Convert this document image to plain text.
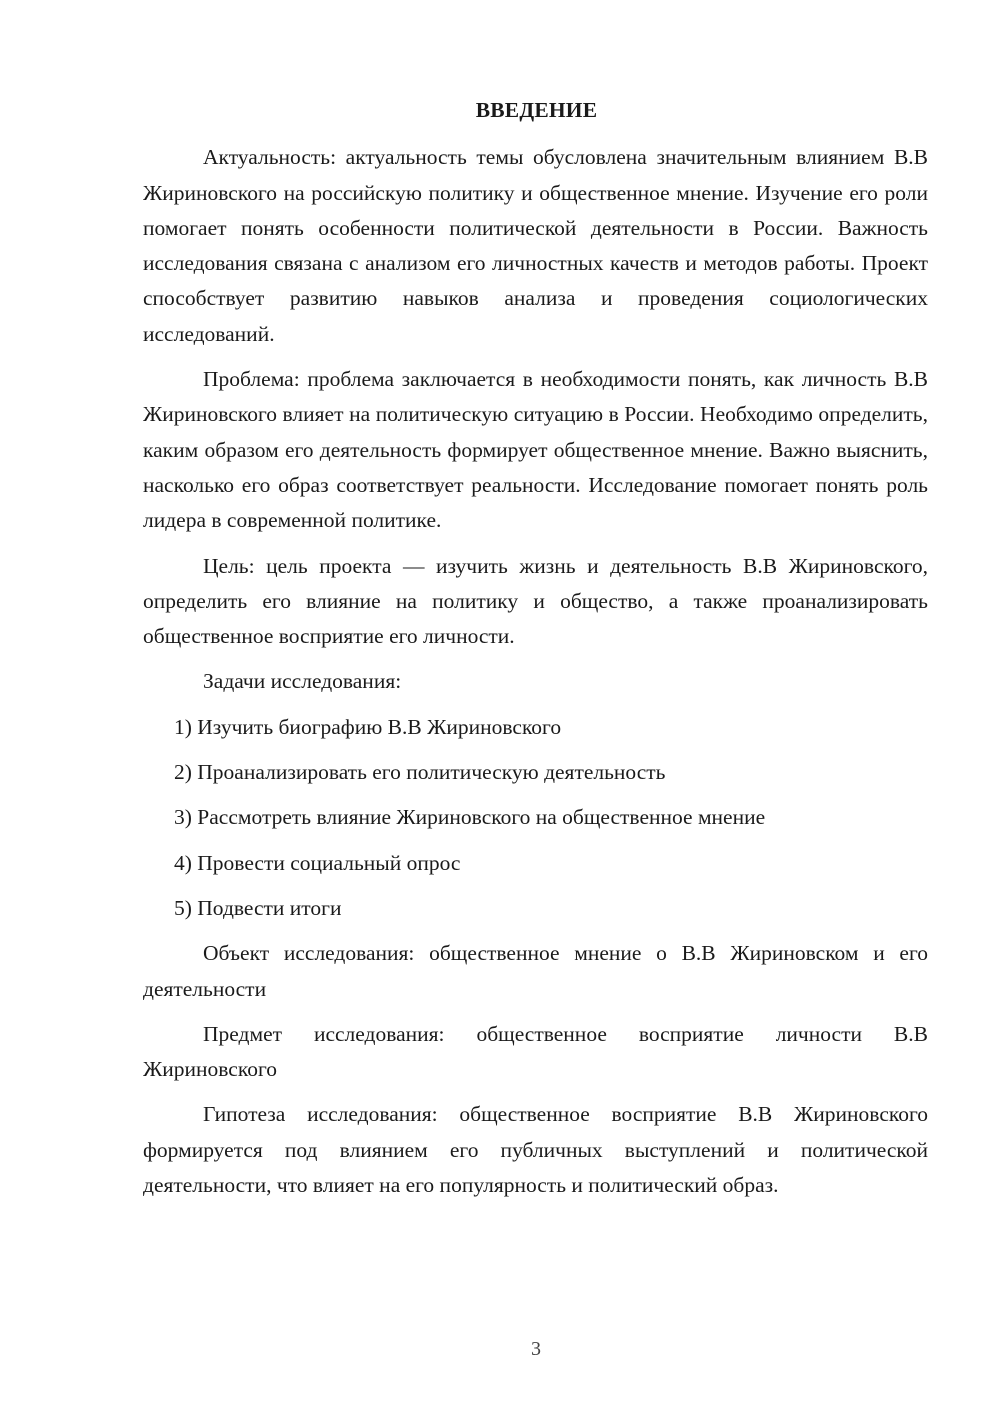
ВВЕДЕНИЕ

Актуальность: актуальность темы обусловлена значительным влиянием В.В Жириновского на российскую политику и общественное мнение. Изучение его роли помогает понять особенности политической деятельности в России. Важность исследования связана с анализом его личностных качеств и методов работы. Проект способствует развитию навыков анализа и проведения социологических исследований.

Проблема: проблема заключается в необходимости понять, как личность В.В Жириновского влияет на политическую ситуацию в России. Необходимо определить, каким образом его деятельность формирует общественное мнение. Важно выяснить, насколько его образ соответствует реальности. Исследование помогает понять роль лидера в современной политике.

Цель: цель проекта — изучить жизнь и деятельность В.В Жириновского, определить его влияние на политику и общество, а также проанализировать общественное восприятие его личности.

Задачи исследования:

1) Изучить биографию В.В Жириновского
2) Проанализировать его политическую деятельность
3) Рассмотреть влияние Жириновского на общественное мнение
4) Провести социальный опрос
5) Подвести итоги

Объект исследования: общественное мнение о В.В Жириновском и его деятельности

Предмет исследования: общественное восприятие личности В.В Жириновского

Гипотеза исследования: общественное восприятие В.В Жириновского формируется под влиянием его публичных выступлений и политической деятельности, что влияет на его популярность и политический образ.

3
